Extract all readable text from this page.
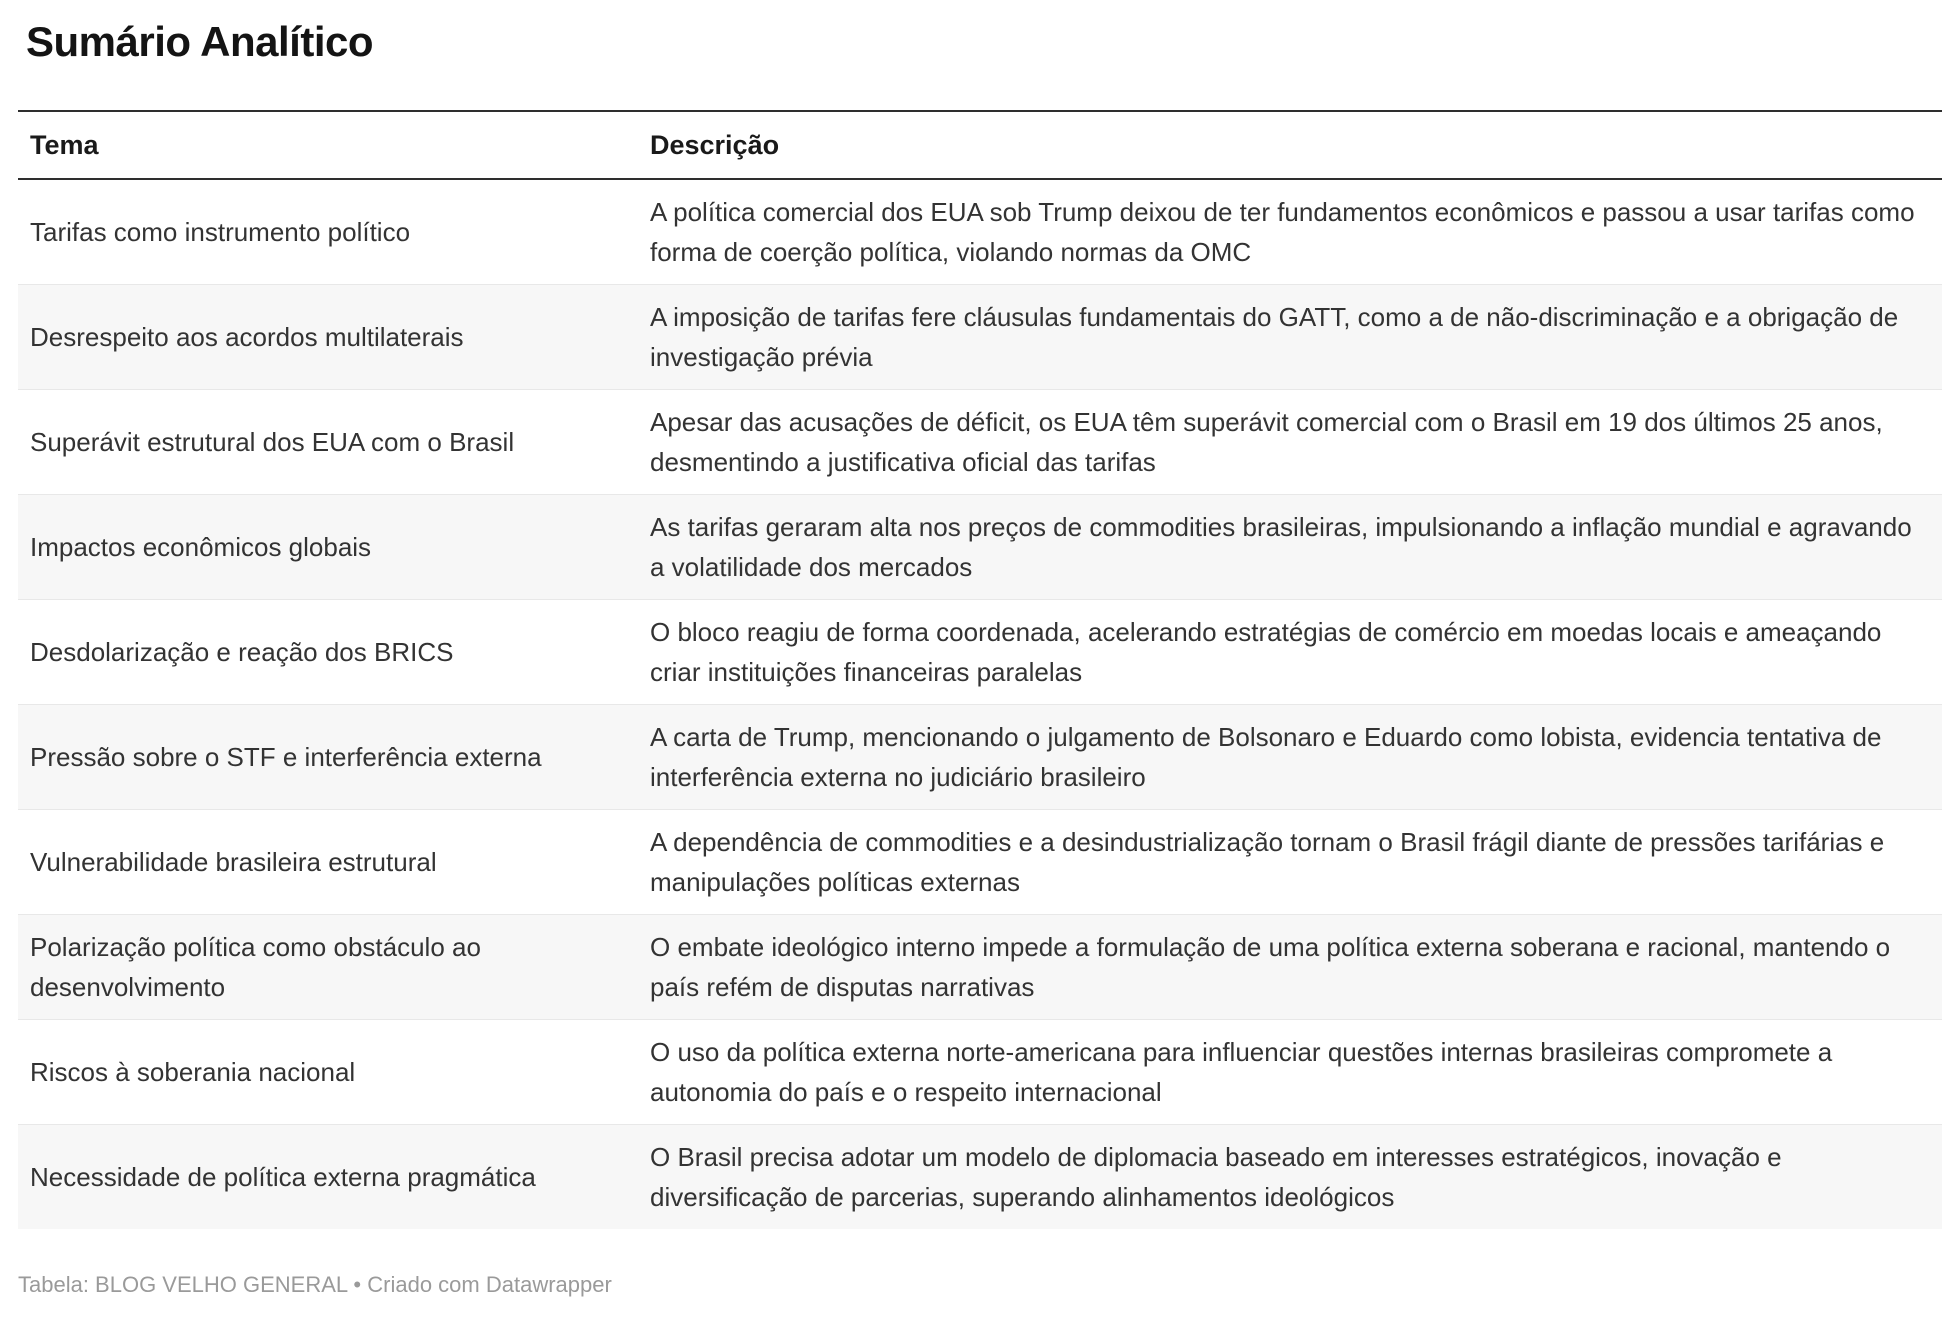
Sumário Analítico
Tema	Descrição
Tarifas como instrumento político	A política comercial dos EUA sob Trump deixou de ter fundamentos econômicos e passou a usar tarifas como forma de coerção política, violando normas da OMC
Desrespeito aos acordos multilaterais	A imposição de tarifas fere cláusulas fundamentais do GATT, como a de não-discriminação e a obrigação de investigação prévia
Superávit estrutural dos EUA com o Brasil	Apesar das acusações de déficit, os EUA têm superávit comercial com o Brasil em 19 dos últimos 25 anos, desmentindo a justificativa oficial das tarifas
Impactos econômicos globais	As tarifas geraram alta nos preços de commodities brasileiras, impulsionando a inflação mundial e agravando a volatilidade dos mercados
Desdolarização e reação dos BRICS	O bloco reagiu de forma coordenada, acelerando estratégias de comércio em moedas locais e ameaçando criar instituições financeiras paralelas
Pressão sobre o STF e interferência externa	A carta de Trump, mencionando o julgamento de Bolsonaro e Eduardo como lobista, evidencia tentativa de interferência externa no judiciário brasileiro
Vulnerabilidade brasileira estrutural	A dependência de commodities e a desindustrialização tornam o Brasil frágil diante de pressões tarifárias e manipulações políticas externas
Polarização política como obstáculo ao desenvolvimento	O embate ideológico interno impede a formulação de uma política externa soberana e racional, mantendo o país refém de disputas narrativas
Riscos à soberania nacional	O uso da política externa norte-americana para influenciar questões internas brasileiras compromete a autonomia do país e o respeito internacional
Necessidade de política externa pragmática	O Brasil precisa adotar um modelo de diplomacia baseado em interesses estratégicos, inovação e diversificação de parcerias, superando alinhamentos ideológicos
Tabela: BLOG VELHO GENERAL • Criado com Datawrapper
